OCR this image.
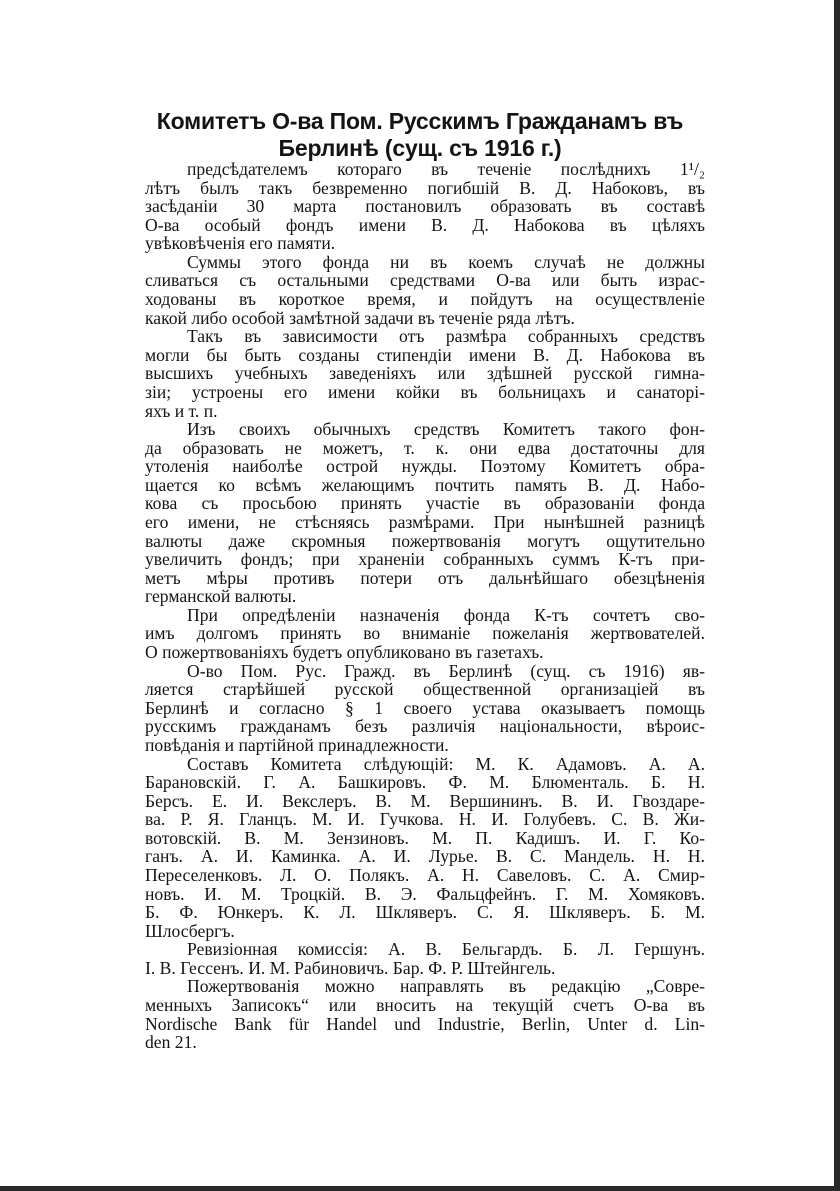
Комитетъ О-ва Пом. Русскимъ Гражданамъ въ
Берлинѣ (сущ. съ 1916 г.)
предсѣдателемъ котораго въ теченіе послѣднихъ 1¹/₂
лѣтъ былъ такъ безвременно погибшій В. Д. Набоковъ, въ
засѣданіи 30 марта постановилъ образовать въ составѣ
О-ва особый фондъ имени В. Д. Набокова въ цѣляхъ
увѣковѣченія его памяти.
Суммы этого фонда ни въ коемъ случаѣ не должны
сливаться съ остальными средствами О-ва или быть израс-
ходованы въ короткое время, и пойдутъ на осуществленіе
какой либо особой замѣтной задачи въ теченіе ряда лѣтъ.
Такъ въ зависимости отъ размѣра собранныхъ средствъ
могли бы быть созданы стипендіи имени В. Д. Набокова въ
высшихъ учебныхъ заведеніяхъ или здѣшней русской гимна-
зіи; устроены его имени койки въ больницахъ и санаторі-
яхъ и т. п.
Изъ своихъ обычныхъ средствъ Комитетъ такого фон-
да образовать не можетъ, т. к. они едва достаточны для
утоленія наиболѣе острой нужды. Поэтому Комитетъ обра-
щается ко всѣмъ желающимъ почтить память В. Д. Набо-
кова съ просьбою принять участіе въ образованіи фонда
его имени, не стѣсняясь размѣрами. При нынѣшней разницѣ
валюты даже скромныя пожертвованія могутъ ощутительно
увеличить фондъ; при храненіи собранныхъ суммъ К-тъ при-
метъ мѣры противъ потери отъ дальнѣйшаго обезцѣненія
германской валюты.
При опредѣленіи назначенія фонда К-тъ сочтетъ сво-
имъ долгомъ принять во вниманіе пожеланія жертвователей.
О пожертвованіяхъ будетъ опубликовано въ газетахъ.
О-во Пом. Рус. Гражд. въ Берлинѣ (сущ. съ 1916) яв-
ляется старѣйшей русской общественной организаціей въ
Берлинѣ и согласно § 1 своего устава оказываетъ помощь
русскимъ гражданамъ безъ различія національности, вѣроис-
повѣданія и партійной принадлежности.
Составъ Комитета слѣдующій: М. К. Адамовъ. А. А.
Барановскій. Г. А. Башкировъ. Ф. М. Блюменталь. Б. Н.
Берсъ. Е. И. Векслеръ. В. М. Вершининъ. В. И. Гвоздаре-
ва. Р. Я. Гланцъ. М. И. Гучкова. Н. И. Голубевъ. С. В. Жи-
вотовскій. В. М. Зензиновъ. М. П. Кадишъ. И. Г. Ко-
ганъ. А. И. Каминка. А. И. Лурье. В. С. Мандель. Н. Н.
Переселенковъ. Л. О. Полякъ. А. Н. Савеловъ. С. А. Смир-
новъ. И. М. Троцкій. В. Э. Фальцфейнъ. Г. М. Хомяковъ.
Б. Ф. Юнкеръ. К. Л. Шкляверъ. С. Я. Шкляверъ. Б. М.
Шлосбергъ.
Ревизіонная комиссія: А. В. Бельгардъ. Б. Л. Гершунъ.
І. В. Гессенъ. И. М. Рабиновичъ. Бар. Ф. Р. Штейнгель.
Пожертвованія можно направлять въ редакцію „Совре-
менныхъ Записокъ“ или вносить на текущій счетъ О-ва въ
Nordische Bank für Handel und Industrie, Berlin, Unter d. Lin-
den 21.
